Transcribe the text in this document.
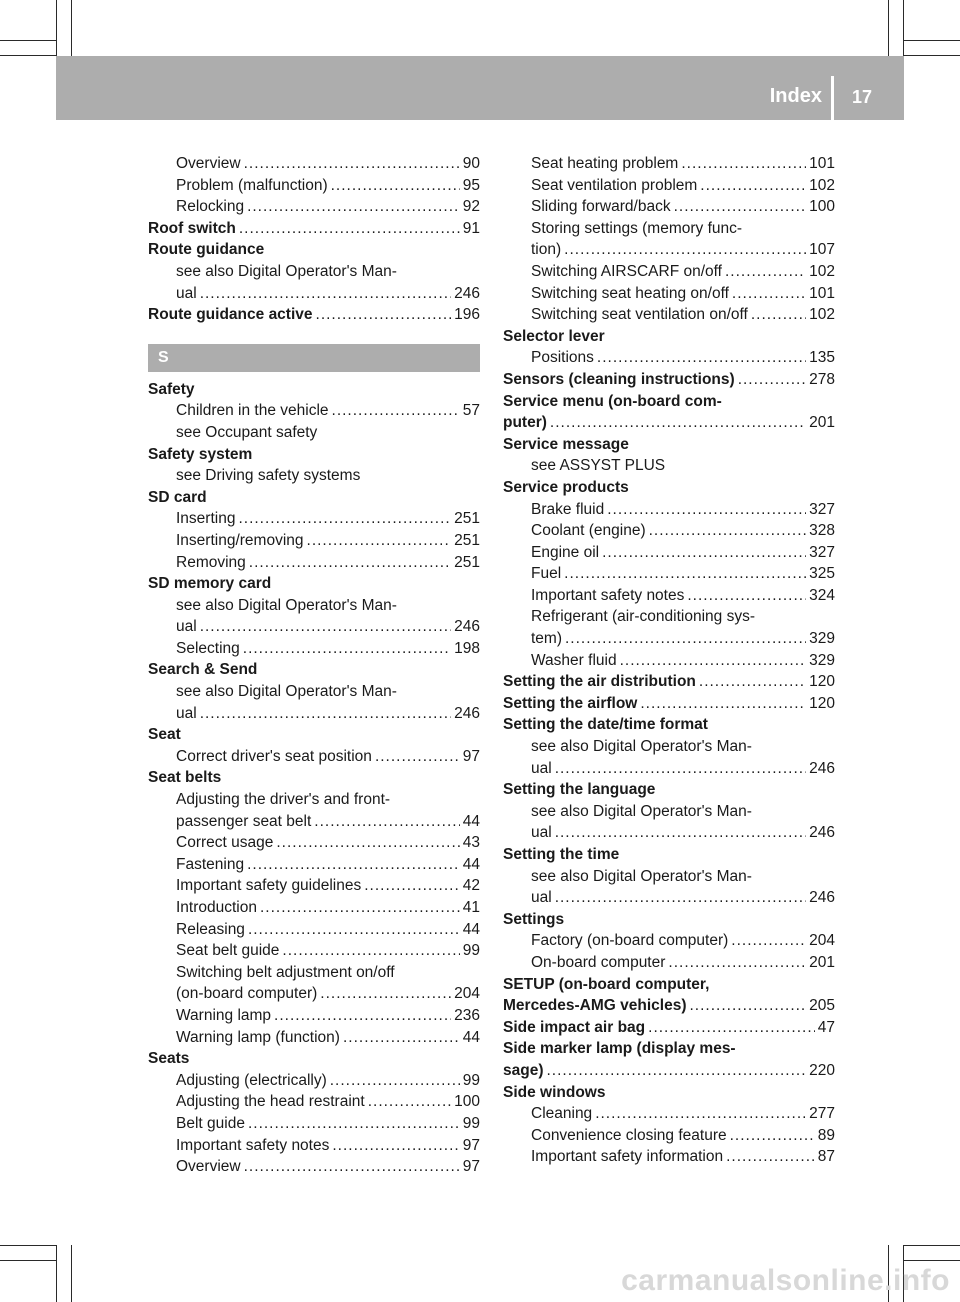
Index 17
Overview .....	90
Problem (malfunction) .....	95
Relocking .....	92
Roof switch .....	91
Route guidance
see also Digital Operator's Man-
ual .....	246
Route guidance active .....	196
S
Safety
Children in the vehicle .....	57
see Occupant safety
Safety system
see Driving safety systems
SD card
Inserting .....	251
Inserting/removing .....	251
Removing .....	251
SD memory card
see also Digital Operator's Man-
ual .....	246
Selecting .....	198
Search & Send
see also Digital Operator's Man-
ual .....	246
Seat
Correct driver's seat position .....	97
Seat belts
Adjusting the driver's and front-
passenger seat belt .....	44
Correct usage .....	43
Fastening .....	44
Important safety guidelines .....	42
Introduction .....	41
Releasing .....	44
Seat belt guide .....	99
Switching belt adjustment on/off
(on-board computer) .....	204
Warning lamp .....	236
Warning lamp (function) .....	44
Seats
Adjusting (electrically) .....	99
Adjusting the head restraint .....	100
Belt guide .....	99
Important safety notes .....	97
Overview .....	97
Seat heating problem .....	101
Seat ventilation problem .....	102
Sliding forward/back .....	100
Storing settings (memory func-
tion) .....	107
Switching AIRSCARF on/off .....	102
Switching seat heating on/off .....	101
Switching seat ventilation on/off .....	102
Selector lever
Positions .....	135
Sensors (cleaning instructions) .....	278
Service menu (on-board com-
puter) .....	201
Service message
see ASSYST PLUS
Service products
Brake fluid .....	327
Coolant (engine) .....	328
Engine oil .....	327
Fuel .....	325
Important safety notes .....	324
Refrigerant (air-conditioning sys-
tem) .....	329
Washer fluid .....	329
Setting the air distribution .....	120
Setting the airflow .....	120
Setting the date/time format
see also Digital Operator's Man-
ual .....	246
Setting the language
see also Digital Operator's Man-
ual .....	246
Setting the time
see also Digital Operator's Man-
ual .....	246
Settings
Factory (on-board computer) .....	204
On-board computer .....	201
SETUP (on-board computer,
Mercedes-AMG vehicles) .....	205
Side impact air bag .....	47
Side marker lamp (display mes-
sage) .....	220
Side windows
Cleaning .....	277
Convenience closing feature .....	89
Important safety information .....	87
carmanualsonline.info
